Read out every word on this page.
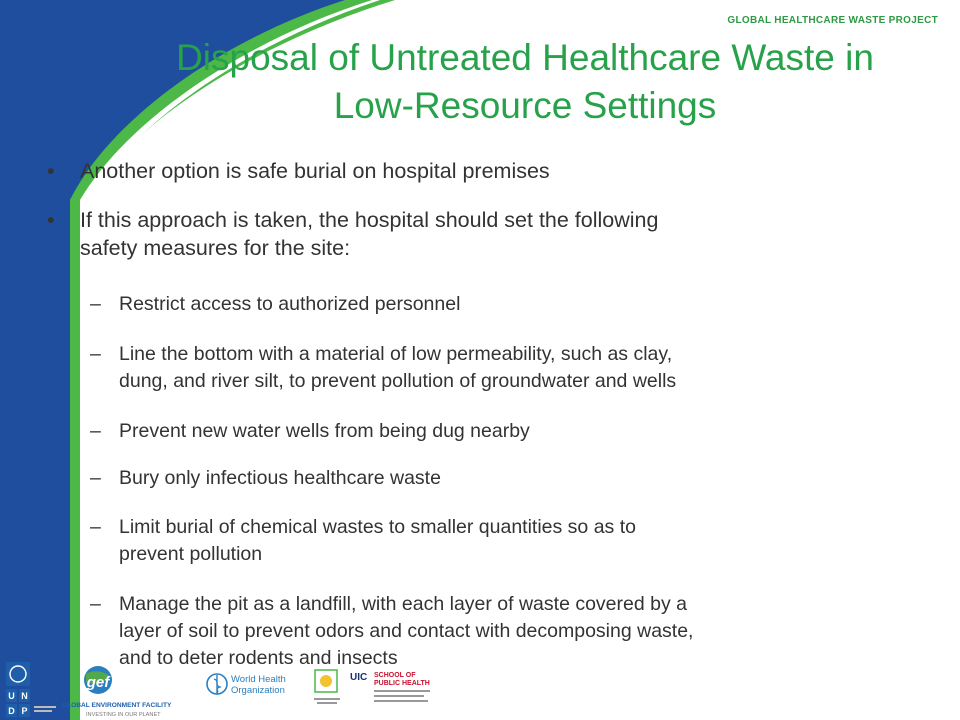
GLOBAL HEALTHCARE WASTE PROJECT
Disposal of Untreated Healthcare Waste in
Low-Resource Settings
• Another option is safe burial on hospital premises
• If this approach is taken, the hospital should set the following
safety measures for the site:
– Restrict access to authorized personnel
– Line the bottom with a material of low permeability, such as clay,
dung, and river silt, to prevent pollution of groundwater and wells
– Prevent new water wells from being dug nearby
– Bury only infectious healthcare waste
– Limit burial of chemical wastes to smaller quantities so as to
prevent pollution
– Manage the pit as a landfill, with each layer of waste covered by a
layer of soil to prevent odors and contact with decomposing waste,
and to deter rodents and insects
U N
D P
gef
GLOBAL ENVIRONMENT FACILITY
INVESTING IN OUR PLANET
World Health
Organization
UIC SCHOOL OF
PUBLIC HEALTH
